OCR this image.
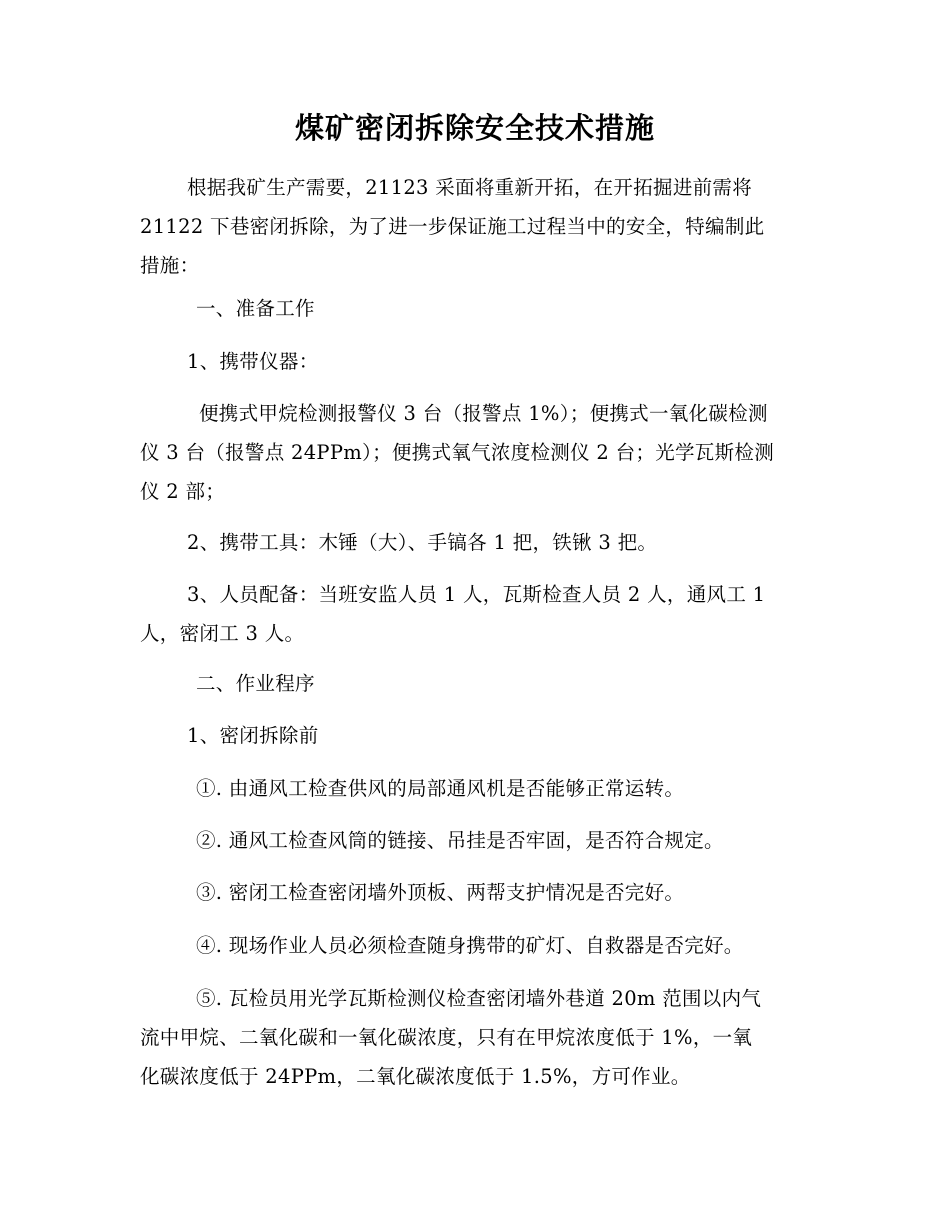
煤矿密闭拆除安全技术措施
根据我矿生产需要，21123 采面将重新开拓，在开拓掘进前需将
21122 下巷密闭拆除，为了进一步保证施工过程当中的安全，特编制此
措施：
一、准备工作
1、携带仪器：
便携式甲烷检测报警仪 3 台（报警点 1%）；便携式一氧化碳检测
仪 3 台（报警点 24PPm）；便携式氧气浓度检测仪 2 台；光学瓦斯检测
仪 2 部；
2、携带工具：木锤（大）、手镐各 1 把，铁锹 3 把。
3、人员配备：当班安监人员 1 人，瓦斯检查人员 2 人，通风工 1
人，密闭工 3 人。
二、作业程序
1、密闭拆除前
①. 由通风工检查供风的局部通风机是否能够正常运转。
②. 通风工检查风筒的链接、吊挂是否牢固，是否符合规定。
③. 密闭工检查密闭墙外顶板、两帮支护情况是否完好。
④. 现场作业人员必须检查随身携带的矿灯、自救器是否完好。
⑤. 瓦检员用光学瓦斯检测仪检查密闭墙外巷道 20m 范围以内气
流中甲烷、二氧化碳和一氧化碳浓度，只有在甲烷浓度低于 1%，一氧
化碳浓度低于 24PPm，二氧化碳浓度低于 1.5%，方可作业。
